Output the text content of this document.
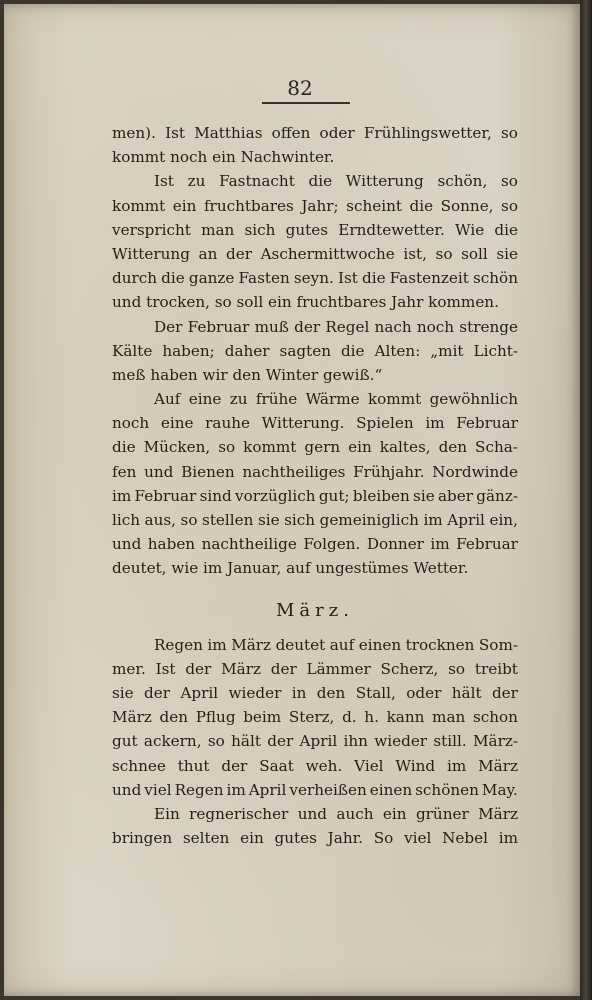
82
men). Ist Matthias offen oder Frühlingswetter, so
kommt noch ein Nachwinter.
Ist zu Fastnacht die Witterung schön, so
kommt ein fruchtbares Jahr; scheint die Sonne, so
verspricht man sich gutes Erndtewetter. Wie die
Witterung an der Aschermittwoche ist, so soll sie
durch die ganze Fasten seyn. Ist die Fastenzeit schön
und trocken, so soll ein fruchtbares Jahr kommen.
Der Februar muß der Regel nach noch strenge
Kälte haben; daher sagten die Alten: „mit Licht-
meß haben wir den Winter gewiß.“
Auf eine zu frühe Wärme kommt gewöhnlich
noch eine rauhe Witterung. Spielen im Februar
die Mücken, so kommt gern ein kaltes, den Scha-
fen und Bienen nachtheiliges Frühjahr. Nordwinde
im Februar sind vorzüglich gut; bleiben sie aber gänz-
lich aus, so stellen sie sich gemeiniglich im April ein,
und haben nachtheilige Folgen. Donner im Februar
deutet, wie im Januar, auf ungestümes Wetter.
März.
Regen im März deutet auf einen trocknen Som-
mer. Ist der März der Lämmer Scherz, so treibt
sie der April wieder in den Stall, oder hält der
März den Pflug beim Sterz, d. h. kann man schon
gut ackern, so hält der April ihn wieder still. März-
schnee thut der Saat weh. Viel Wind im März
und viel Regen im April verheißen einen schönen May.
Ein regnerischer und auch ein grüner März
bringen selten ein gutes Jahr. So viel Nebel im
